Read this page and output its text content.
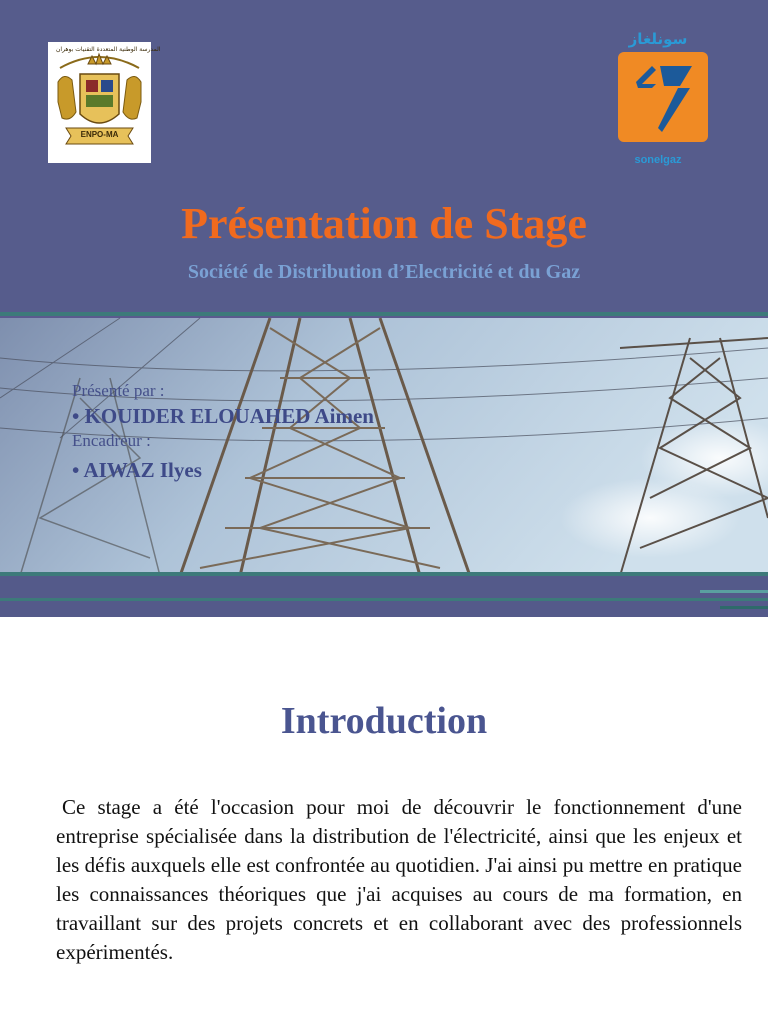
ENPO-MA
المدرسة الوطنية المتعددة التقنيات بوهران
سونلغاز
sonelgaz
Présentation de Stage
Société de Distribution d’Electricité et du Gaz
Présenté par :
• KOUIDER ELOUAHED Aimen
Encadreur :
• AIWAZ Ilyes
Introduction

Ce stage a été l'occasion pour moi de découvrir le fonctionnement d'une entreprise spécialisée dans la distribution de l'électricité, ainsi que les enjeux et les défis auxquels elle est confrontée au quotidien. J'ai ainsi pu mettre en pratique les connaissances théoriques que j'ai acquises au cours de ma formation, en travaillant sur des projets concrets et en collaborant avec des professionnels expérimentés.
